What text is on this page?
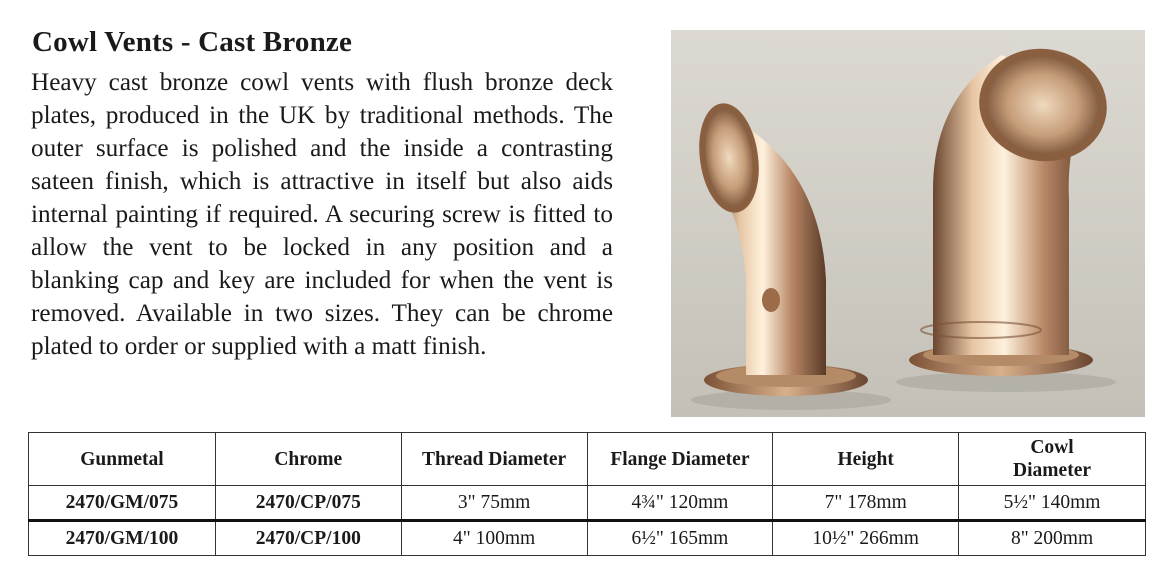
Cowl Vents - Cast Bronze
Heavy cast bronze cowl vents with flush bronze deck plates, produced in the UK by traditional methods. The outer surface is polished and the inside a contrasting sateen finish, which is attractive in itself but also aids internal painting if required. A securing screw is fitted to allow the vent to be locked in any position and a blanking cap and key are included for when the vent is removed. Available in two sizes. They can be chrome plated to order or supplied with a matt finish.
Gunmetal	Chrome	Thread Diameter	Flange Diameter	Height	Cowl Diameter
2470/GM/075	2470/CP/075	3" 75mm	4¾" 120mm	7" 178mm	5½" 140mm
2470/GM/100	2470/CP/100	4" 100mm	6½" 165mm	10½" 266mm	8" 200mm
